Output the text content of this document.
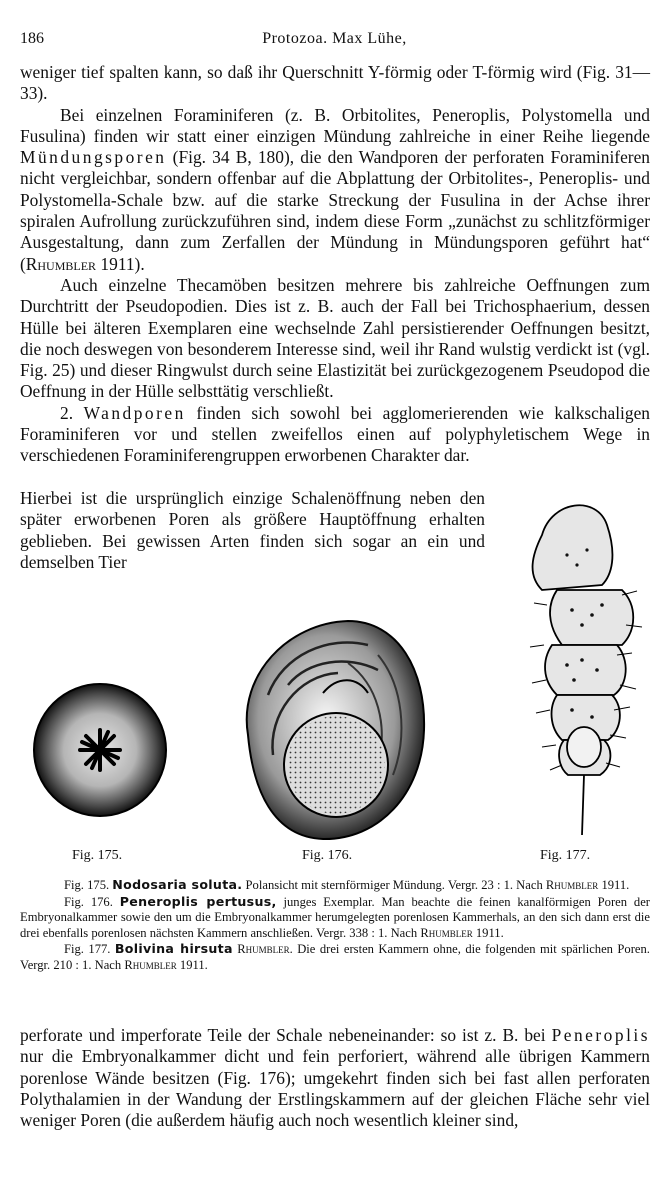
186	Protozoa. Max Lühe,

weniger tief spalten kann, so daß ihr Querschnitt Y-förmig oder T-förmig wird (Fig. 31—33).

Bei einzelnen Foraminiferen (z. B. Orbitolites, Peneroplis, Polystomella und Fusulina) finden wir statt einer einzigen Mündung zahlreiche in einer Reihe liegende Mündungsporen (Fig. 34 B, 180), die den Wandporen der perforaten Foraminiferen nicht vergleichbar, sondern offenbar auf die Abplattung der Orbitolites-, Peneroplis- und Polystomella-Schale bzw. auf die starke Streckung der Fusulina in der Achse ihrer spiralen Aufrollung zurückzuführen sind, indem diese Form „zunächst zu schlitzförmiger Ausgestaltung, dann zum Zerfallen der Mündung in Mündungsporen geführt hat“ (Rhumbler 1911).

Auch einzelne Thecamöben besitzen mehrere bis zahlreiche Oeffnungen zum Durchtritt der Pseudopodien. Dies ist z. B. auch der Fall bei Trichosphaerium, dessen Hülle bei älteren Exemplaren eine wechselnde Zahl persistierender Oeffnungen besitzt, die noch deswegen von besonderem Interesse sind, weil ihr Rand wulstig verdickt ist (vgl. Fig. 25) und dieser Ringwulst durch seine Elastizität bei zurückgezogenem Pseudopod die Oeffnung in der Hülle selbsttätig verschließt.

2. Wandporen finden sich sowohl bei agglomerierenden wie kalkschaligen Foraminiferen vor und stellen zweifellos einen auf polyphyletischem Wege in verschiedenen Foraminiferengruppen erworbenen Charakter dar.

Hierbei ist die ursprünglich einzige Schalenöffnung neben den später erworbenen Poren als größere Hauptöffnung erhalten geblieben. Bei gewissen Arten finden sich sogar an ein und demselben Tier
Fig. 175.	Fig. 176.	Fig. 177.

Fig. 175. Nodosaria soluta. Polansicht mit sternförmiger Mündung. Vergr. 23 : 1. Nach Rhumbler 1911.

Fig. 176. Peneroplis pertusus, junges Exemplar. Man beachte die feinen kanalförmigen Poren der Embryonalkammer sowie den um die Embryonalkammer herumgelegten porenlosen Kammerhals, an den sich dann erst die drei ebenfalls porenlosen nächsten Kammern anschließen. Vergr. 338 : 1. Nach Rhumbler 1911.

Fig. 177. Bolivina hirsuta Rhumbler. Die drei ersten Kammern ohne, die folgenden mit spärlichen Poren. Vergr. 210 : 1. Nach Rhumbler 1911.

perforate und imperforate Teile der Schale nebeneinander: so ist z. B. bei Peneroplis nur die Embryonalkammer dicht und fein perforiert, während alle übrigen Kammern porenlose Wände besitzen (Fig. 176); umgekehrt finden sich bei fast allen perforaten Polythalamien in der Wandung der Erstlingskammern auf der gleichen Fläche sehr viel weniger Poren (die außerdem häufig auch noch wesentlich kleiner sind,
